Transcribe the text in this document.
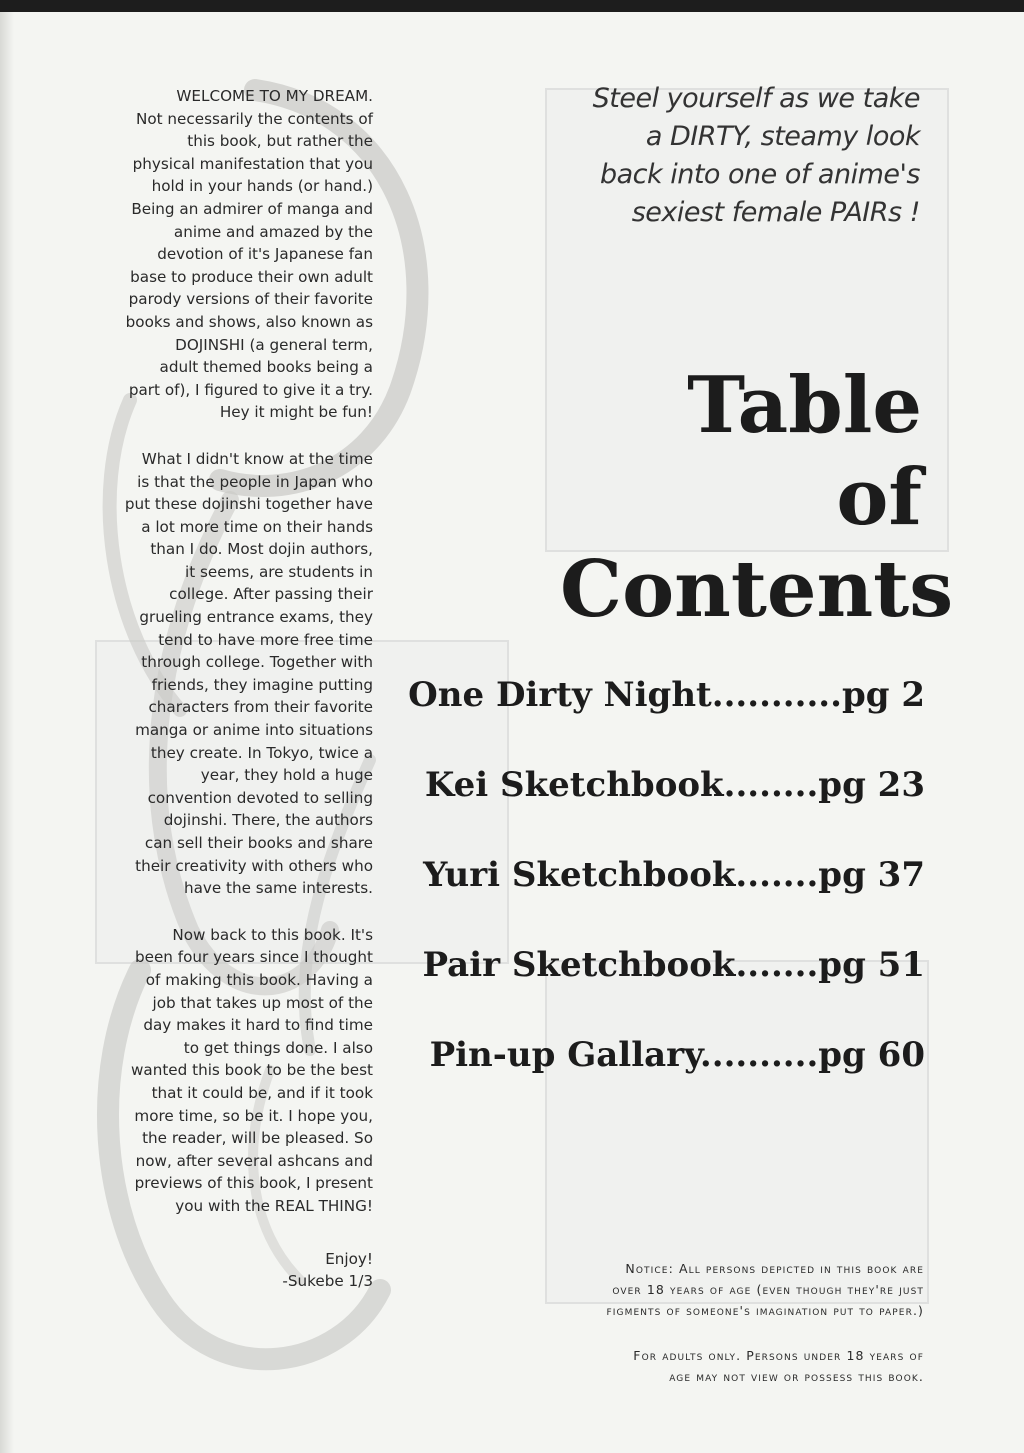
WELCOME TO MY DREAM.
Not necessarily the contents of
this book, but rather the
physical manifestation that you
hold in your hands (or hand.)
Being an admirer of manga and
anime and amazed by the
devotion of it's Japanese fan
base to produce their own adult
parody versions of their favorite
books and shows, also known as
DOJINSHI (a general term,
adult themed books being a
part of), I figured to give it a try.
Hey it might be fun!

What I didn't know at the time
is that the people in Japan who
put these dojinshi together have
a lot more time on their hands
than I do. Most dojin authors,
it seems, are students in
college. After passing their
grueling entrance exams, they
tend to have more free time
through college. Together with
friends, they imagine putting
characters from their favorite
manga or anime into situations
they create. In Tokyo, twice a
year, they hold a huge
convention devoted to selling
dojinshi. There, the authors
can sell their books and share
their creativity with others who
have the same interests.

Now back to this book. It's
been four years since I thought
of making this book. Having a
job that takes up most of the
day makes it hard to find time
to get things done. I also
wanted this book to be the best
that it could be, and if it took
more time, so be it. I hope you,
the reader, will be pleased. So
now, after several ashcans and
previews of this book, I present
you with the REAL THING!

Enjoy!
-Sukebe 1/3
Steel yourself as we take
a DIRTY, steamy look
back into one of anime's
sexiest female PAIRs !
Table
of
Contents
One Dirty Night...........pg 2
Kei Sketchbook........pg 23
Yuri Sketchbook.......pg 37
Pair Sketchbook.......pg 51
Pin-up Gallary..........pg 60

Notice: All persons depicted in this book are
over 18 years of age (even though they're just
figments of someone's imagination put to paper.)

For adults only. Persons under 18 years of
age may not view or possess this book.
